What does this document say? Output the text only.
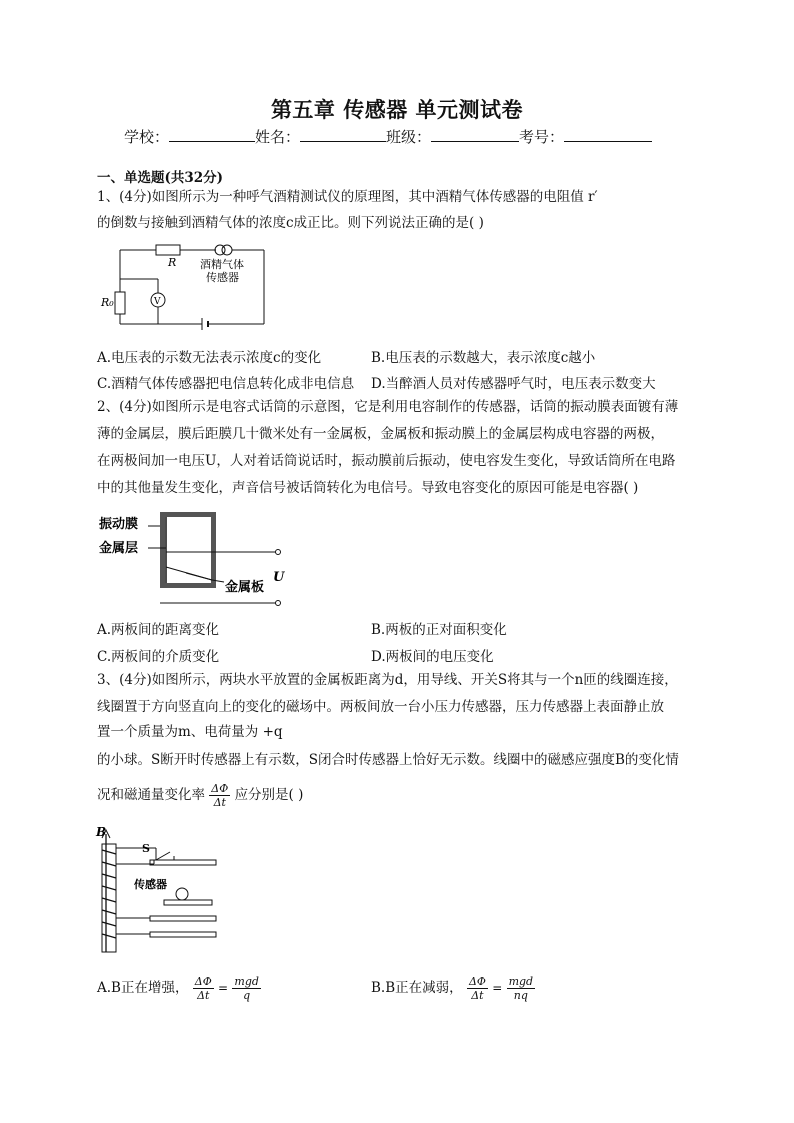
第五章 传感器 单元测试卷
学校：	姓名：	班级：	考号：
一、单选题(共32分)
1、(4分)如图所示为一种呼气酒精测试仪的原理图，其中酒精气体传感器的电阻值 r′
的倒数与接触到酒精气体的浓度c成正比。则下列说法正确的是( )
R 酒精气体
传感器
R₀	V
A.电压表的示数无法表示浓度c的变化	B.电压表的示数越大，表示浓度c越小
C.酒精气体传感器把电信息转化成非电信息 D.当醉酒人员对传感器呼气时，电压表示数变大
2、(4分)如图所示是电容式话筒的示意图，它是利用电容制作的传感器，话筒的振动膜表面镀有薄
薄的金属层，膜后距膜几十微米处有一金属板，金属板和振动膜上的金属层构成电容器的两极，
在两极间加一电压U，人对着话筒说话时，振动膜前后振动，使电容发生变化，导致话筒所在电路
中的其他量发生变化，声音信号被话筒转化为电信号。导致电容变化的原因可能是电容器( )
振动膜
金属层
金属板
U
A.两板间的距离变化	B.两板的正对面积变化
C.两板间的介质变化	D.两板间的电压变化
3、(4分)如图所示，两块水平放置的金属板距离为d，用导线、开关S将其与一个n匝的线圈连接，
线圈置于方向竖直向上的变化的磁场中。两板间放一台小压力传感器，压力传感器上表面静止放
置一个质量为m、电荷量为 +q
的小球。S断开时传感器上有示数，S闭合时传感器上恰好无示数。线圈中的磁感应强度B的变化情
况和磁通量变化率 $\frac{\Delta\Phi}{\Delta t}$ 应分别是( )
B
S
传感器
A.B正在增强， $\frac{\Delta\Phi}{\Delta t} = \frac{\text{mgd}}{q}$	B.B正在减弱， $\frac{\Delta\Phi}{\Delta t} = \frac{\text{mgd}}{nq}$
